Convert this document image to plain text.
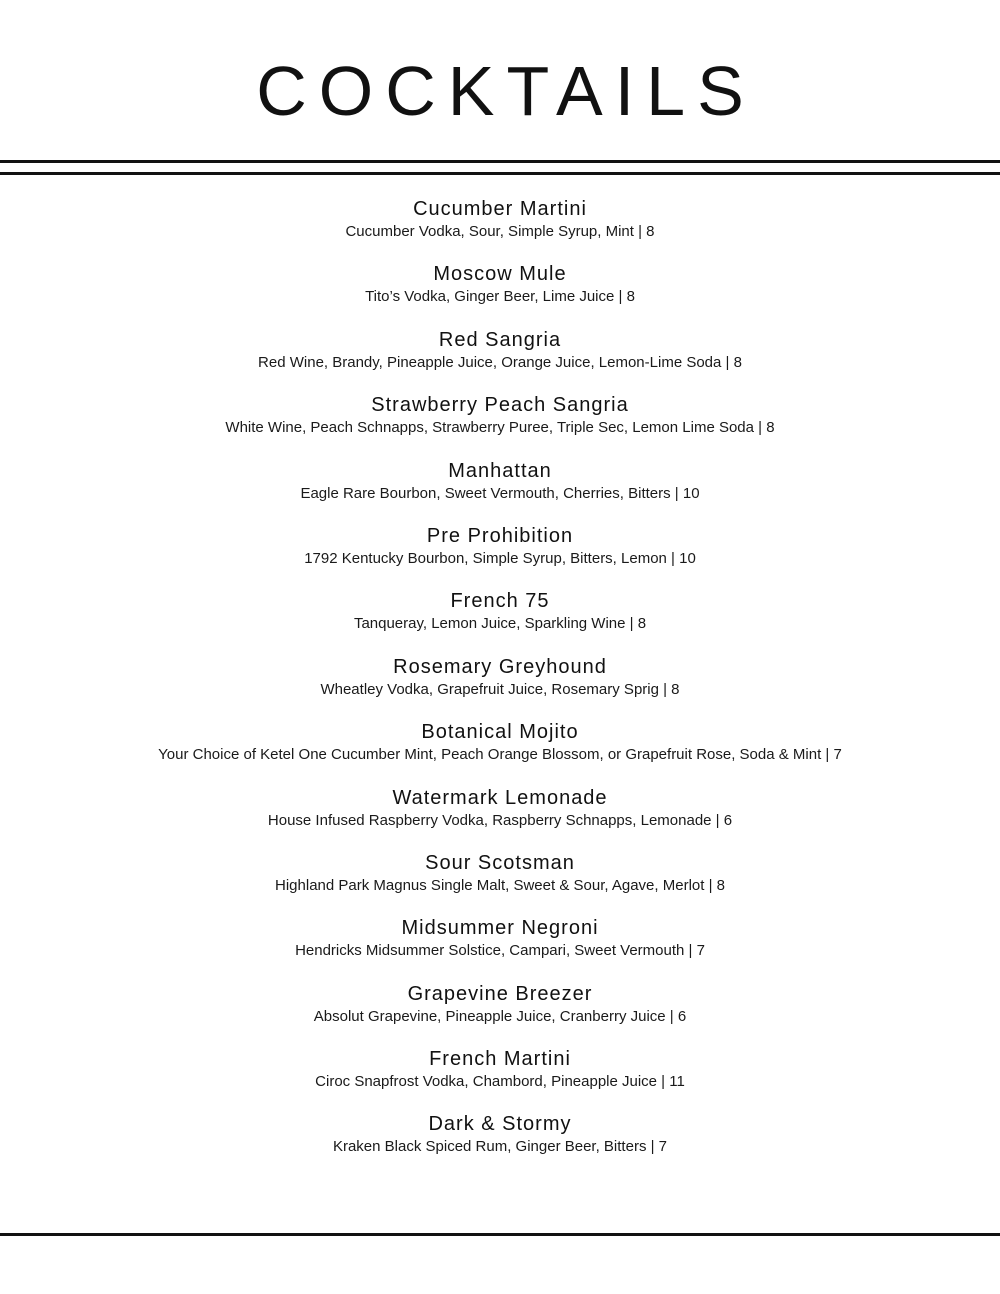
COCKTAILS
Cucumber Martini
Cucumber Vodka, Sour, Simple Syrup, Mint | 8
Moscow Mule
Tito’s Vodka, Ginger Beer, Lime Juice | 8
Red Sangria
Red Wine, Brandy, Pineapple Juice, Orange Juice, Lemon-Lime Soda | 8
Strawberry Peach Sangria
White Wine, Peach Schnapps, Strawberry Puree, Triple Sec, Lemon Lime Soda | 8
Manhattan
Eagle Rare Bourbon, Sweet Vermouth, Cherries, Bitters | 10
Pre Prohibition
1792 Kentucky Bourbon, Simple Syrup, Bitters, Lemon | 10
French 75
Tanqueray, Lemon Juice, Sparkling Wine | 8
Rosemary Greyhound
Wheatley Vodka, Grapefruit Juice, Rosemary Sprig | 8
Botanical Mojito
Your Choice of Ketel One Cucumber Mint, Peach Orange Blossom, or Grapefruit Rose, Soda & Mint | 7
Watermark Lemonade
House Infused Raspberry Vodka, Raspberry Schnapps, Lemonade | 6
Sour Scotsman
Highland Park Magnus Single Malt, Sweet & Sour, Agave, Merlot | 8
Midsummer Negroni
Hendricks Midsummer Solstice, Campari, Sweet Vermouth | 7
Grapevine Breezer
Absolut Grapevine, Pineapple Juice, Cranberry Juice | 6
French Martini
Ciroc Snapfrost Vodka, Chambord, Pineapple Juice | 11
Dark & Stormy
Kraken Black Spiced Rum, Ginger Beer, Bitters | 7
